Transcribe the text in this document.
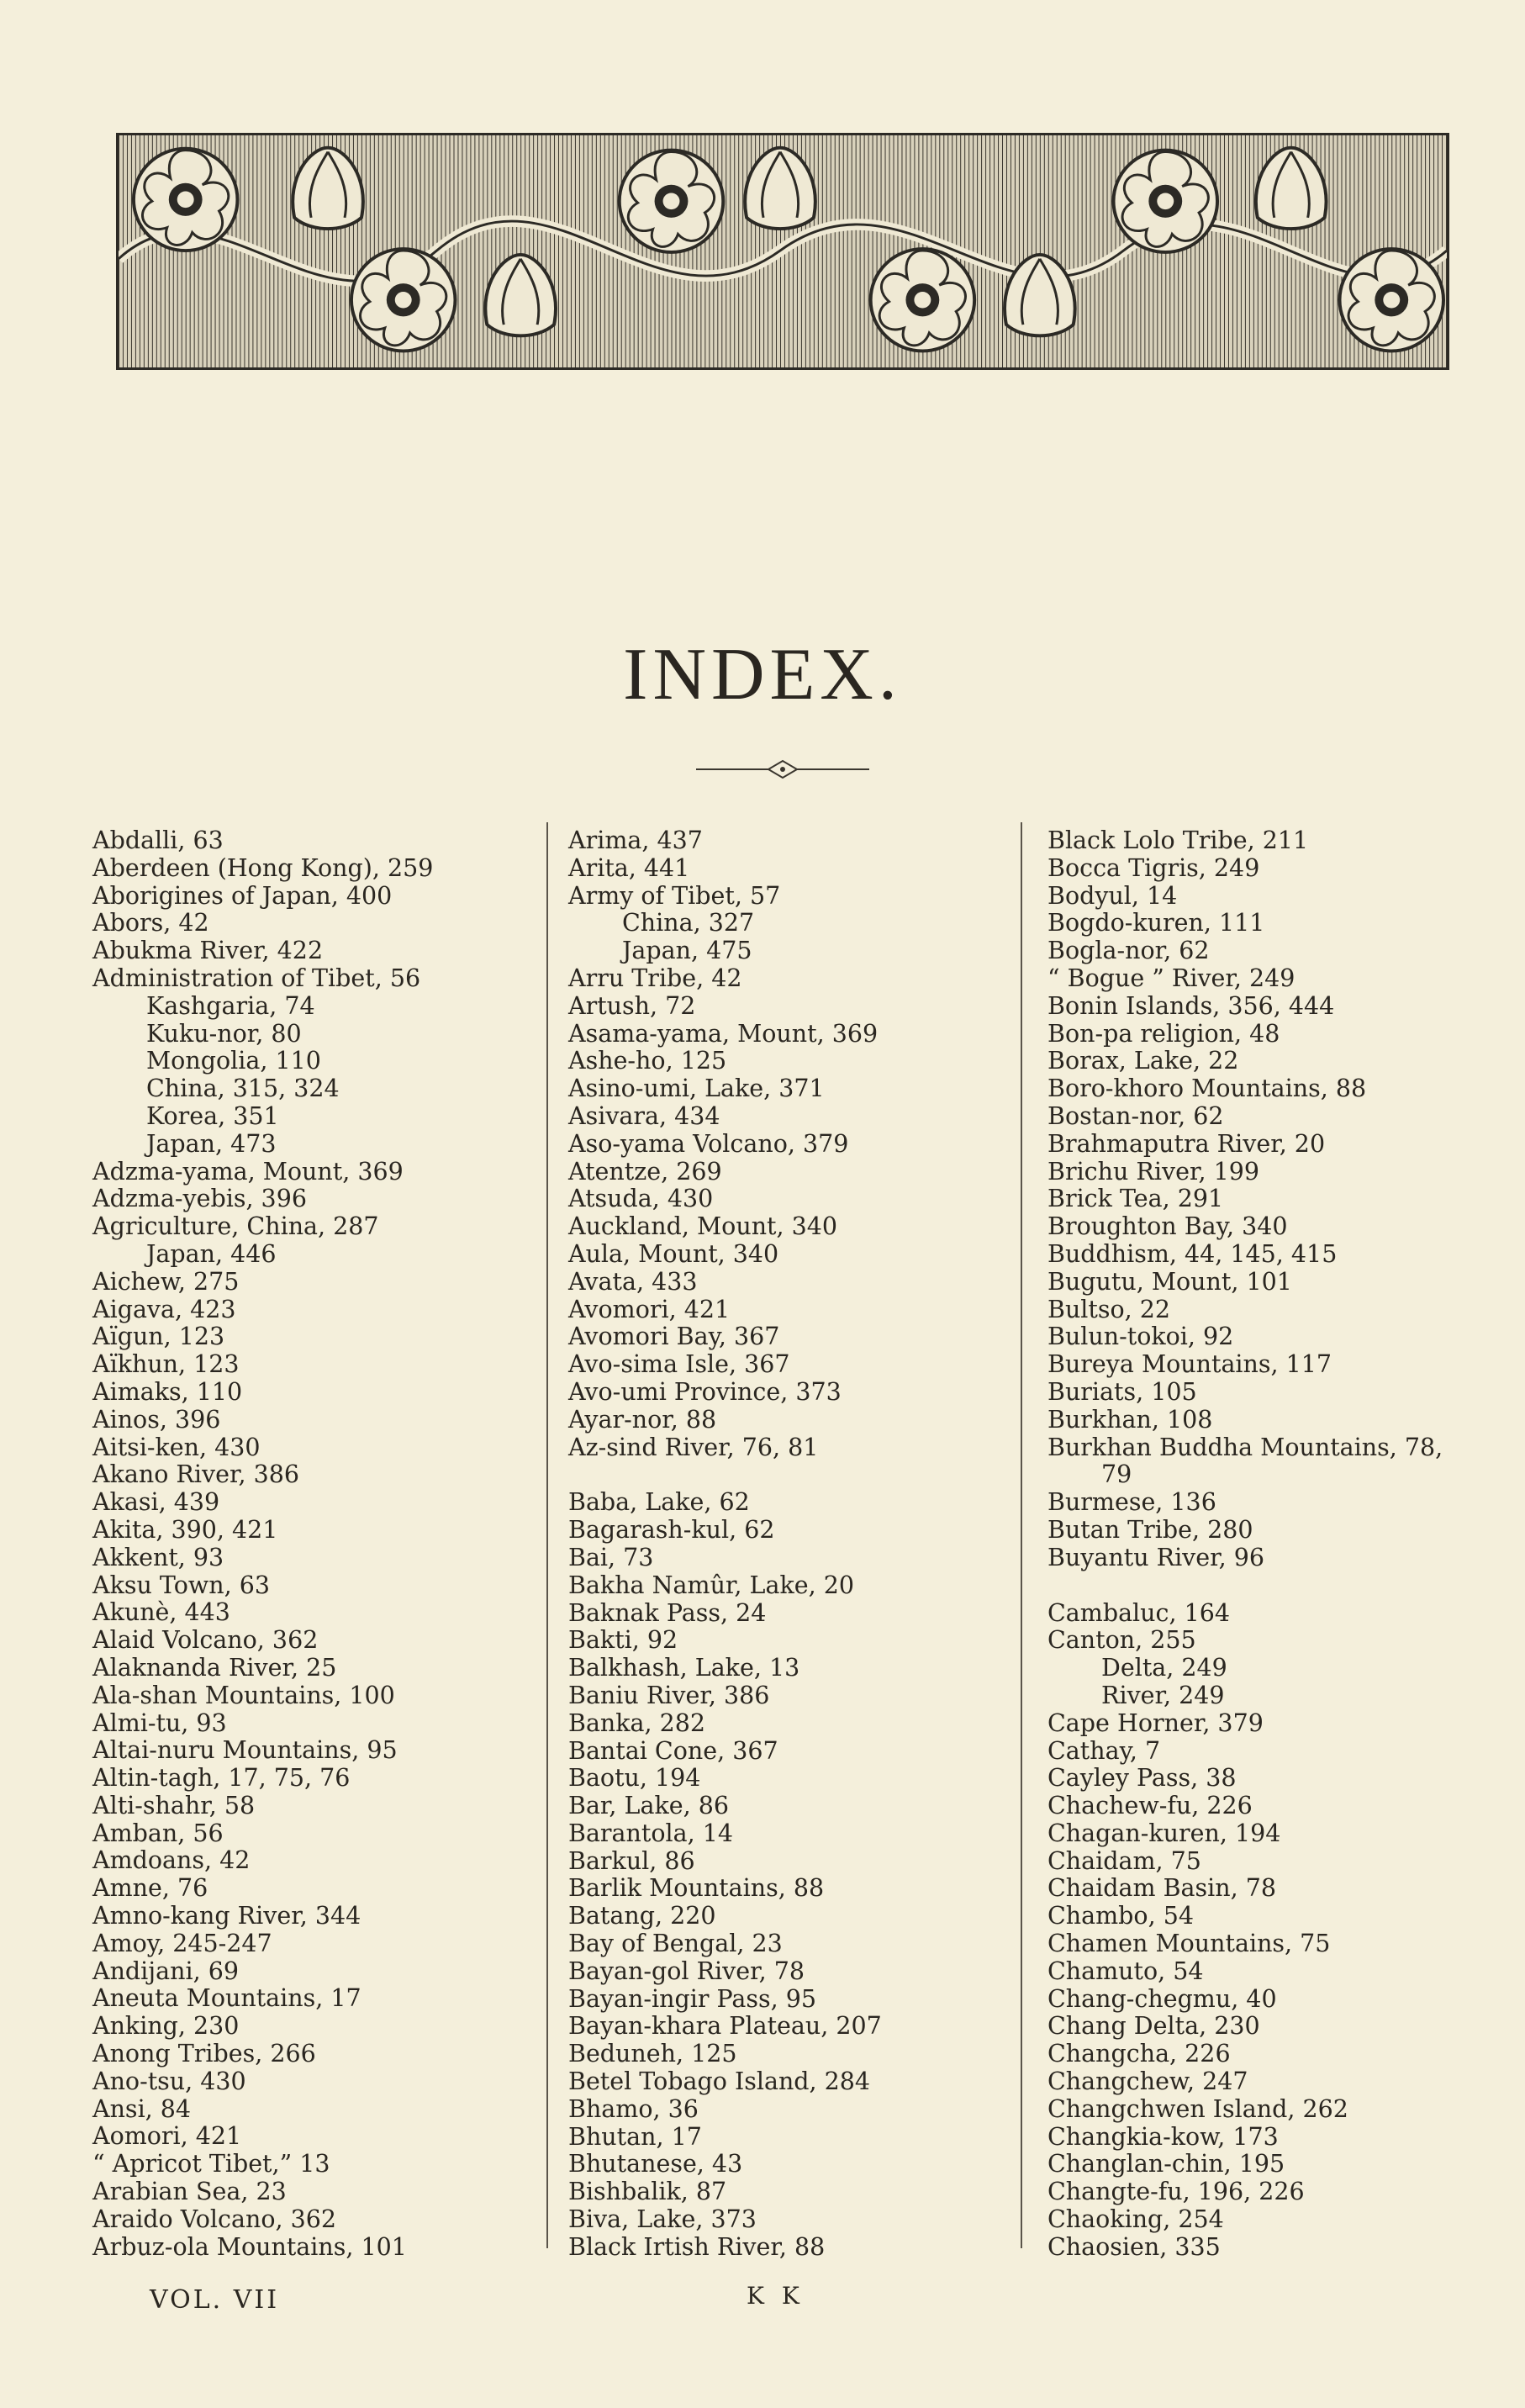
INDEX.
Abdalli, 63
Aberdeen (Hong Kong), 259
Aborigines of Japan, 400
Abors, 42
Abukma River, 422
Administration of Tibet, 56
Kashgaria, 74
Kuku-nor, 80
Mongolia, 110
China, 315, 324
Korea, 351
Japan, 473
Adzma-yama, Mount, 369
Adzma-yebis, 396
Agriculture, China, 287
Japan, 446
Aichew, 275
Aigava, 423
Aïgun, 123
Aïkhun, 123
Aimaks, 110
Ainos, 396
Aitsi-ken, 430
Akano River, 386
Akasi, 439
Akita, 390, 421
Akkent, 93
Aksu Town, 63
Akunè, 443
Alaid Volcano, 362
Alaknanda River, 25
Ala-shan Mountains, 100
Almi-tu, 93
Altai-nuru Mountains, 95
Altin-tagh, 17, 75, 76
Alti-shahr, 58
Amban, 56
Amdoans, 42
Amne, 76
Amno-kang River, 344
Amoy, 245-247
Andijani, 69
Aneuta Mountains, 17
Anking, 230
Anong Tribes, 266
Ano-tsu, 430
Ansi, 84
Aomori, 421
“ Apricot Tibet,” 13
Arabian Sea, 23
Araido Volcano, 362
Arbuz-ola Mountains, 101
Arima, 437
Arita, 441
Army of Tibet, 57
China, 327
Japan, 475
Arru Tribe, 42
Artush, 72
Asama-yama, Mount, 369
Ashe-ho, 125
Asino-umi, Lake, 371
Asivara, 434
Aso-yama Volcano, 379
Atentze, 269
Atsuda, 430
Auckland, Mount, 340
Aula, Mount, 340
Avata, 433
Avomori, 421
Avomori Bay, 367
Avo-sima Isle, 367
Avo-umi Province, 373
Ayar-nor, 88
Az-sind River, 76, 81
Baba, Lake, 62
Bagarash-kul, 62
Bai, 73
Bakha Namûr, Lake, 20
Baknak Pass, 24
Bakti, 92
Balkhash, Lake, 13
Baniu River, 386
Banka, 282
Bantai Cone, 367
Baotu, 194
Bar, Lake, 86
Barantola, 14
Barkul, 86
Barlik Mountains, 88
Batang, 220
Bay of Bengal, 23
Bayan-gol River, 78
Bayan-ingir Pass, 95
Bayan-khara Plateau, 207
Beduneh, 125
Betel Tobago Island, 284
Bhamo, 36
Bhutan, 17
Bhutanese, 43
Bishbalik, 87
Biva, Lake, 373
Black Irtish River, 88
Black Lolo Tribe, 211
Bocca Tigris, 249
Bodyul, 14
Bogdo-kuren, 111
Bogla-nor, 62
“ Bogue ” River, 249
Bonin Islands, 356, 444
Bon-pa religion, 48
Borax, Lake, 22
Boro-khoro Mountains, 88
Bostan-nor, 62
Brahmaputra River, 20
Brichu River, 199
Brick Tea, 291
Broughton Bay, 340
Buddhism, 44, 145, 415
Bugutu, Mount, 101
Bultso, 22
Bulun-tokoi, 92
Bureya Mountains, 117
Buriats, 105
Burkhan, 108
Burkhan Buddha Mountains, 78,
79
Burmese, 136
Butan Tribe, 280
Buyantu River, 96
Cambaluc, 164
Canton, 255
Delta, 249
River, 249
Cape Horner, 379
Cathay, 7
Cayley Pass, 38
Chachew-fu, 226
Chagan-kuren, 194
Chaidam, 75
Chaidam Basin, 78
Chambo, 54
Chamen Mountains, 75
Chamuto, 54
Chang-chegmu, 40
Chang Delta, 230
Changcha, 226
Changchew, 247
Changchwen Island, 262
Changkia-kow, 173
Changlan-chin, 195
Changte-fu, 196, 226
Chaoking, 254
Chaosien, 335
VOL. VII	K K
